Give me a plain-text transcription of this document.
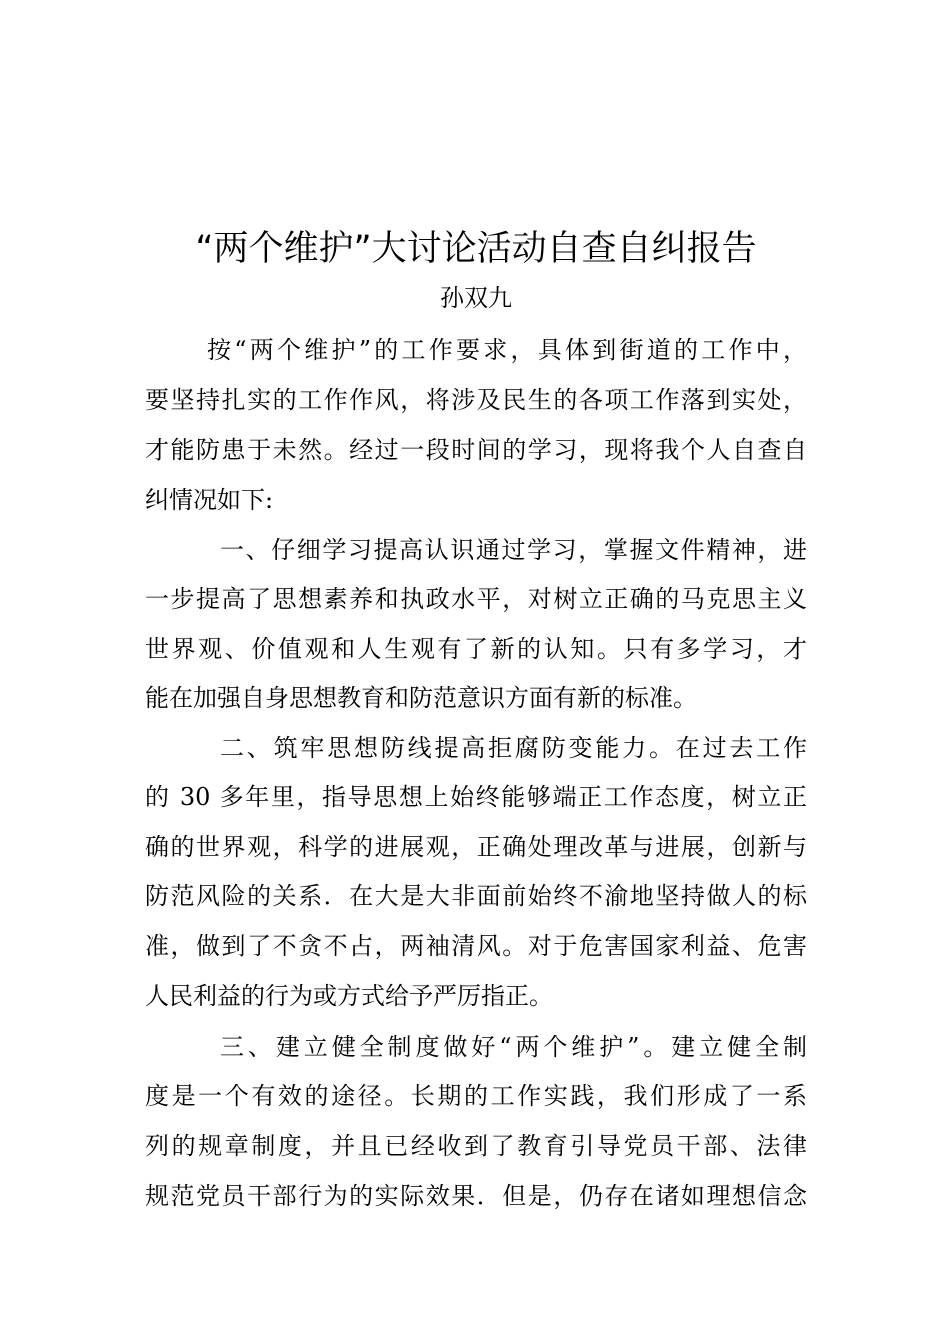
“两个维护”大讨论活动自查自纠报告
孙双九
按“两个维护”的工作要求，具体到街道的工作中，
要坚持扎实的工作作风，将涉及民生的各项工作落到实处，
才能防患于未然。经过一段时间的学习，现将我个人自查自
纠情况如下:
一、仔细学习提高认识通过学习，掌握文件精神，进
一步提高了思想素养和执政水平，对树立正确的马克思主义
世界观、价值观和人生观有了新的认知。只有多学习，才
能在加强自身思想教育和防范意识方面有新的标准。
二、筑牢思想防线提高拒腐防变能力。在过去工作
的 30 多年里，指导思想上始终能够端正工作态度，树立正
确的世界观，科学的进展观，正确处理改革与进展，创新与
防范风险的关系．在大是大非面前始终不渝地坚持做人的标
准，做到了不贪不占，两袖清风。对于危害国家利益、危害
人民利益的行为或方式给予严厉指正。
三、建立健全制度做好“两个维护”。建立健全制
度是一个有效的途径。长期的工作实践，我们形成了一系
列的规章制度，并且已经收到了教育引导党员干部、法律
规范党员干部行为的实际效果．但是，仍存在诸如理想信念
